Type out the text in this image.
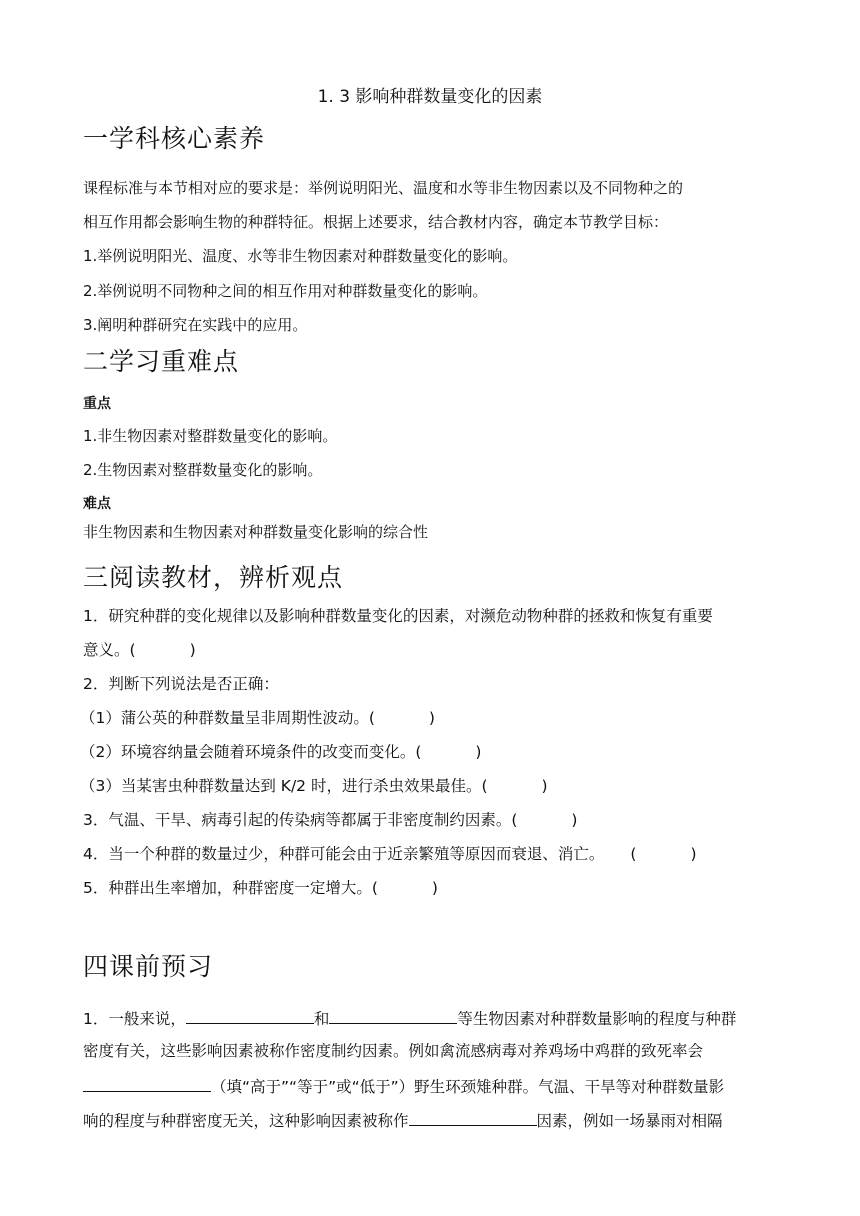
1. 3 影响种群数量变化的因素
一学科核心素养
课程标准与本节相对应的要求是：举例说明阳光、温度和水等非生物因素以及不同物种之的
相互作用都会影响生物的种群特征。根据上述要求，结合教材内容，确定本节教学目标：
1.举例说明阳光、温度、水等非生物因素对种群数量变化的影响。
2.举例说明不同物种之间的相互作用对种群数量变化的影响。
3.阐明种群研究在实践中的应用。
二学习重难点
重点
1.非生物因素对整群数量变化的影响。
2.生物因素对整群数量变化的影响。
难点
非生物因素和生物因素对种群数量变化影响的综合性
三阅读教材，辨析观点
1．研究种群的变化规律以及影响种群数量变化的因素，对濒危动物种群的拯救和恢复有重要
意义。(	)
2．判断下列说法是否正确：
（1）蒲公英的种群数量呈非周期性波动。(	)
（2）环境容纳量会随着环境条件的改变而变化。(	)
（3）当某害虫种群数量达到 K/2 时，进行杀虫效果最佳。(	)
3．气温、干旱、病毒引起的传染病等都属于非密度制约因素。(	)
4．当一个种群的数量过少，种群可能会由于近亲繁殖等原因而衰退、消亡。 (	)
5．种群出生率增加，种群密度一定增大。(	)
四课前预习
1．一般来说，	和	等生物因素对种群数量影响的程度与种群
密度有关，这些影响因素被称作密度制约因素。例如禽流感病毒对养鸡场中鸡群的致死率会
（填“高于”“等于”或“低于”）野生环颈雉种群。气温、干旱等对种群数量影
响的程度与种群密度无关，这种影响因素被称作	因素，例如一场暴雨对相隔
